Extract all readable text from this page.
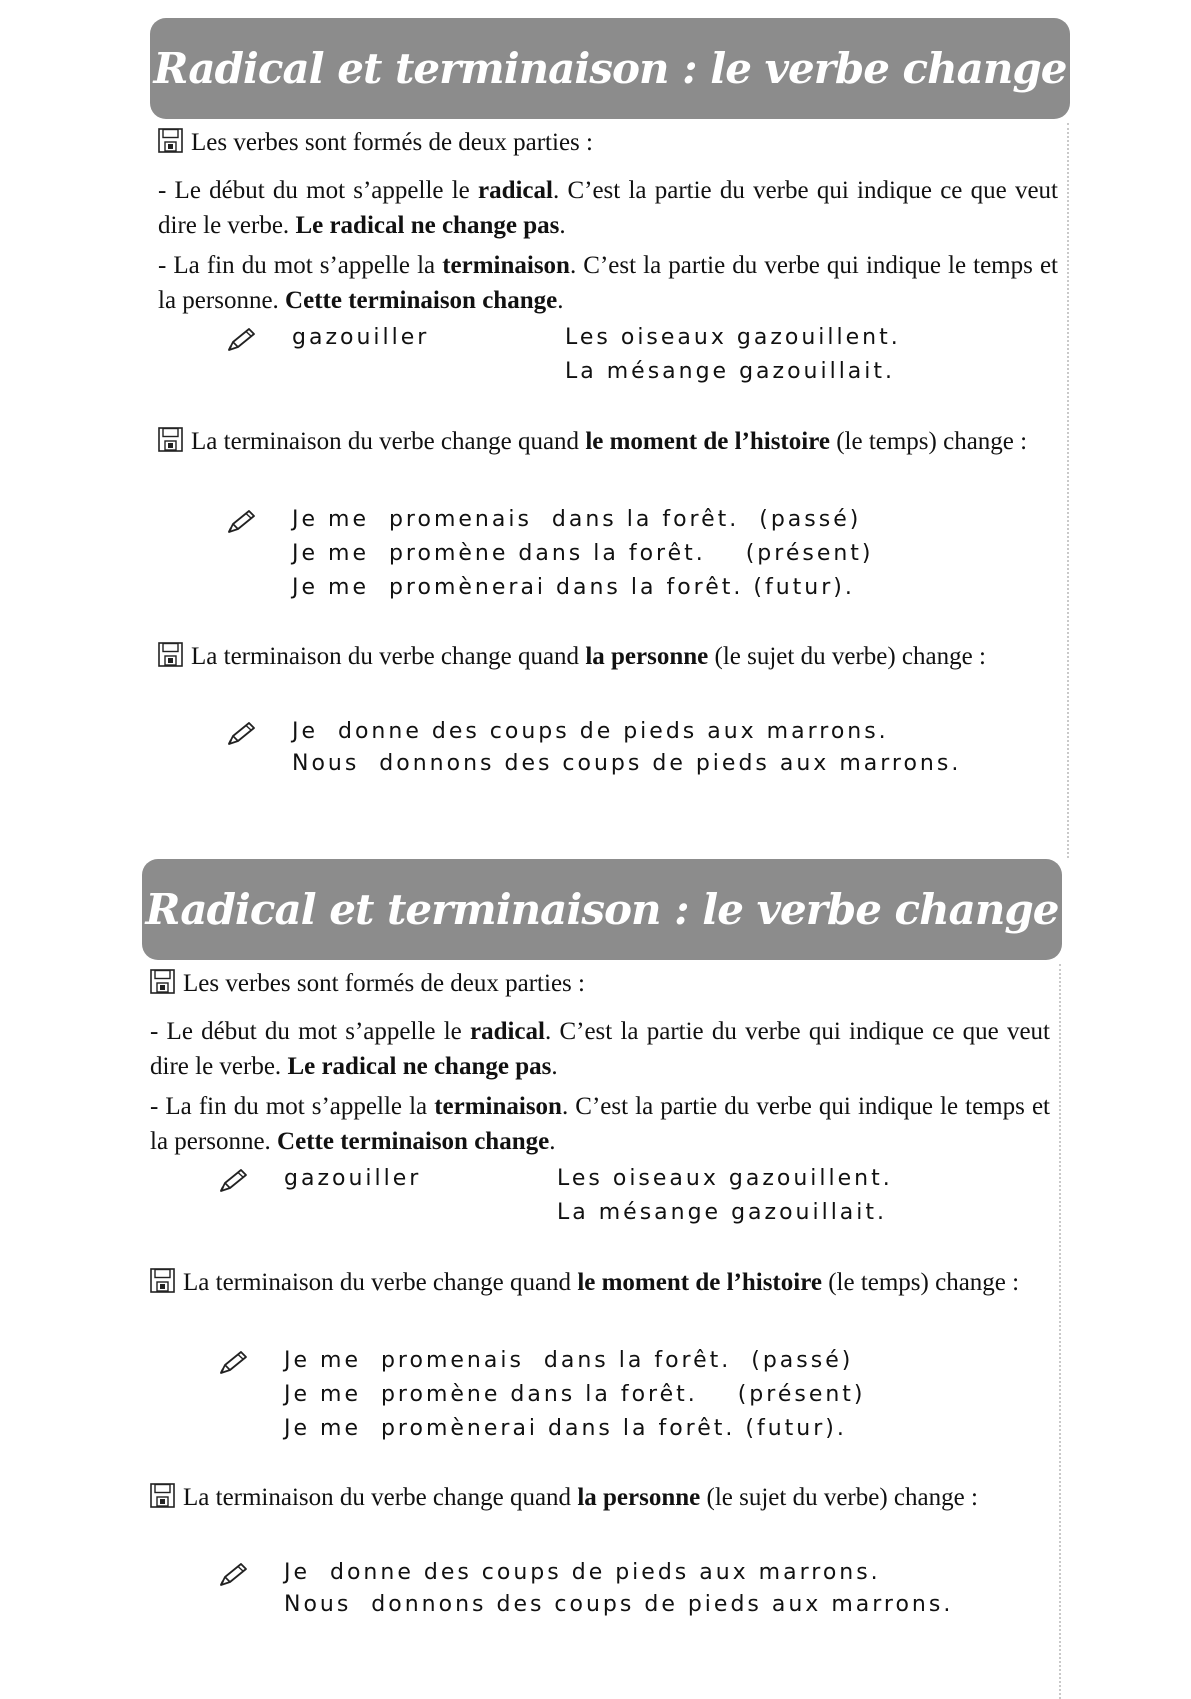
Radical et terminaison : le verbe change
Les verbes sont formés de deux parties :
- Le début du mot s’appelle le radical. C’est la partie du verbe qui indique ce que veut dire le verbe. Le radical ne change pas.
- La fin du mot s’appelle la terminaison. C’est la partie du verbe qui indique le temps et la personne. Cette terminaison change.
gazouiller	Les oiseaux gazouillent.
La mésange gazouillait.
La terminaison du verbe change quand le moment de l’histoire (le temps) change :
Je me  promenais  dans la forêt.  (passé)
Je me  promène dans la forêt.    (présent)
Je me  promènerai dans la forêt. (futur).
La terminaison du verbe change quand la personne (le sujet du verbe) change :
Je  donne des coups de pieds aux marrons.
Nous  donnons des coups de pieds aux marrons.
Radical et terminaison : le verbe change
Les verbes sont formés de deux parties :
- Le début du mot s’appelle le radical. C’est la partie du verbe qui indique ce que veut dire le verbe. Le radical ne change pas.
- La fin du mot s’appelle la terminaison. C’est la partie du verbe qui indique le temps et la personne. Cette terminaison change.
gazouiller	Les oiseaux gazouillent.
La mésange gazouillait.
La terminaison du verbe change quand le moment de l’histoire (le temps) change :
Je me  promenais  dans la forêt.  (passé)
Je me  promène dans la forêt.    (présent)
Je me  promènerai dans la forêt. (futur).
La terminaison du verbe change quand la personne (le sujet du verbe) change :
Je  donne des coups de pieds aux marrons.
Nous  donnons des coups de pieds aux marrons.
